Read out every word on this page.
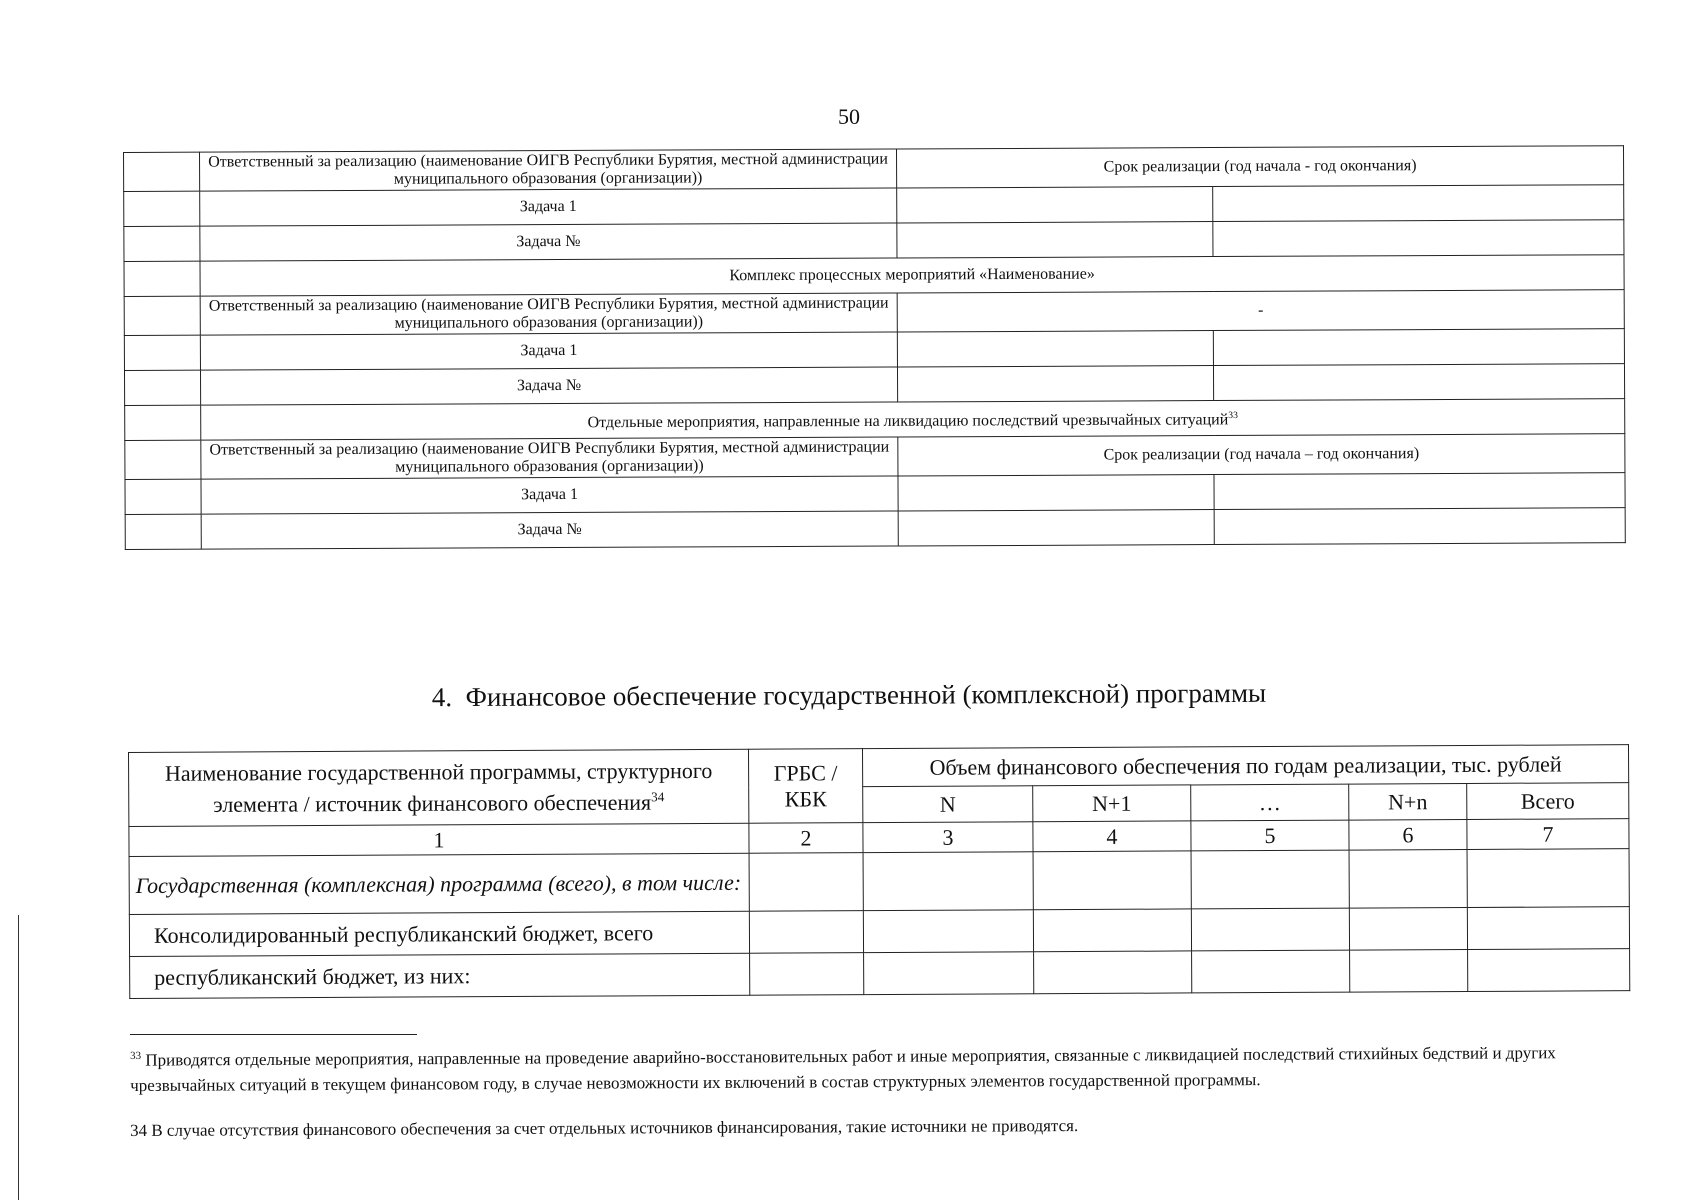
50
	Ответственный за реализацию (наименование ОИГВ Республики Бурятия, местной администрации муниципального образования (организации))	Срок реализации (год начала - год окончания)	
	Задача 1		
	Задача №		
	Комплекс процессных мероприятий «Наименование»		
	Ответственный за реализацию (наименование ОИГВ Республики Бурятия, местной администрации муниципального образования (организации))	-	
	Задача 1		
	Задача №		
	Отдельные мероприятия, направленные на ликвидацию последствий чрезвычайных ситуаций$^{33}$
	Ответственный за реализацию (наименование ОИГВ Республики Бурятия, местной администрации муниципального образования (организации))	Срок реализации (год начала – год окончания)	
	Задача 1		
	Задача №		
4. Финансовое обеспечение государственной (комплексной) программы
Наименование государственной программы, структурного элемента / источник финансового обеспечения$^{34}$	ГРБС / КБК	Объем финансового обеспечения по годам реализации, тыс. рублей				
		N	N+1	…	N+n	Всего
1	2	3	4	5	6	7
Государственная (комплексная) программа (всего), в том числе:						
Консолидированный республиканский бюджет, всего						
республиканский бюджет, из них:						
$^{33}$ Приводятся отдельные мероприятия, направленные на проведение аварийно-восстановительных работ и иные мероприятия, связанные с ликвидацией последствий стихийных бедствий и других чрезвычайных ситуаций в текущем финансовом году, в случае невозможности их включений в состав структурных элементов государственной программы.
34 В случае отсутствия финансового обеспечения за счет отдельных источников финансирования, такие источники не приводятся.
